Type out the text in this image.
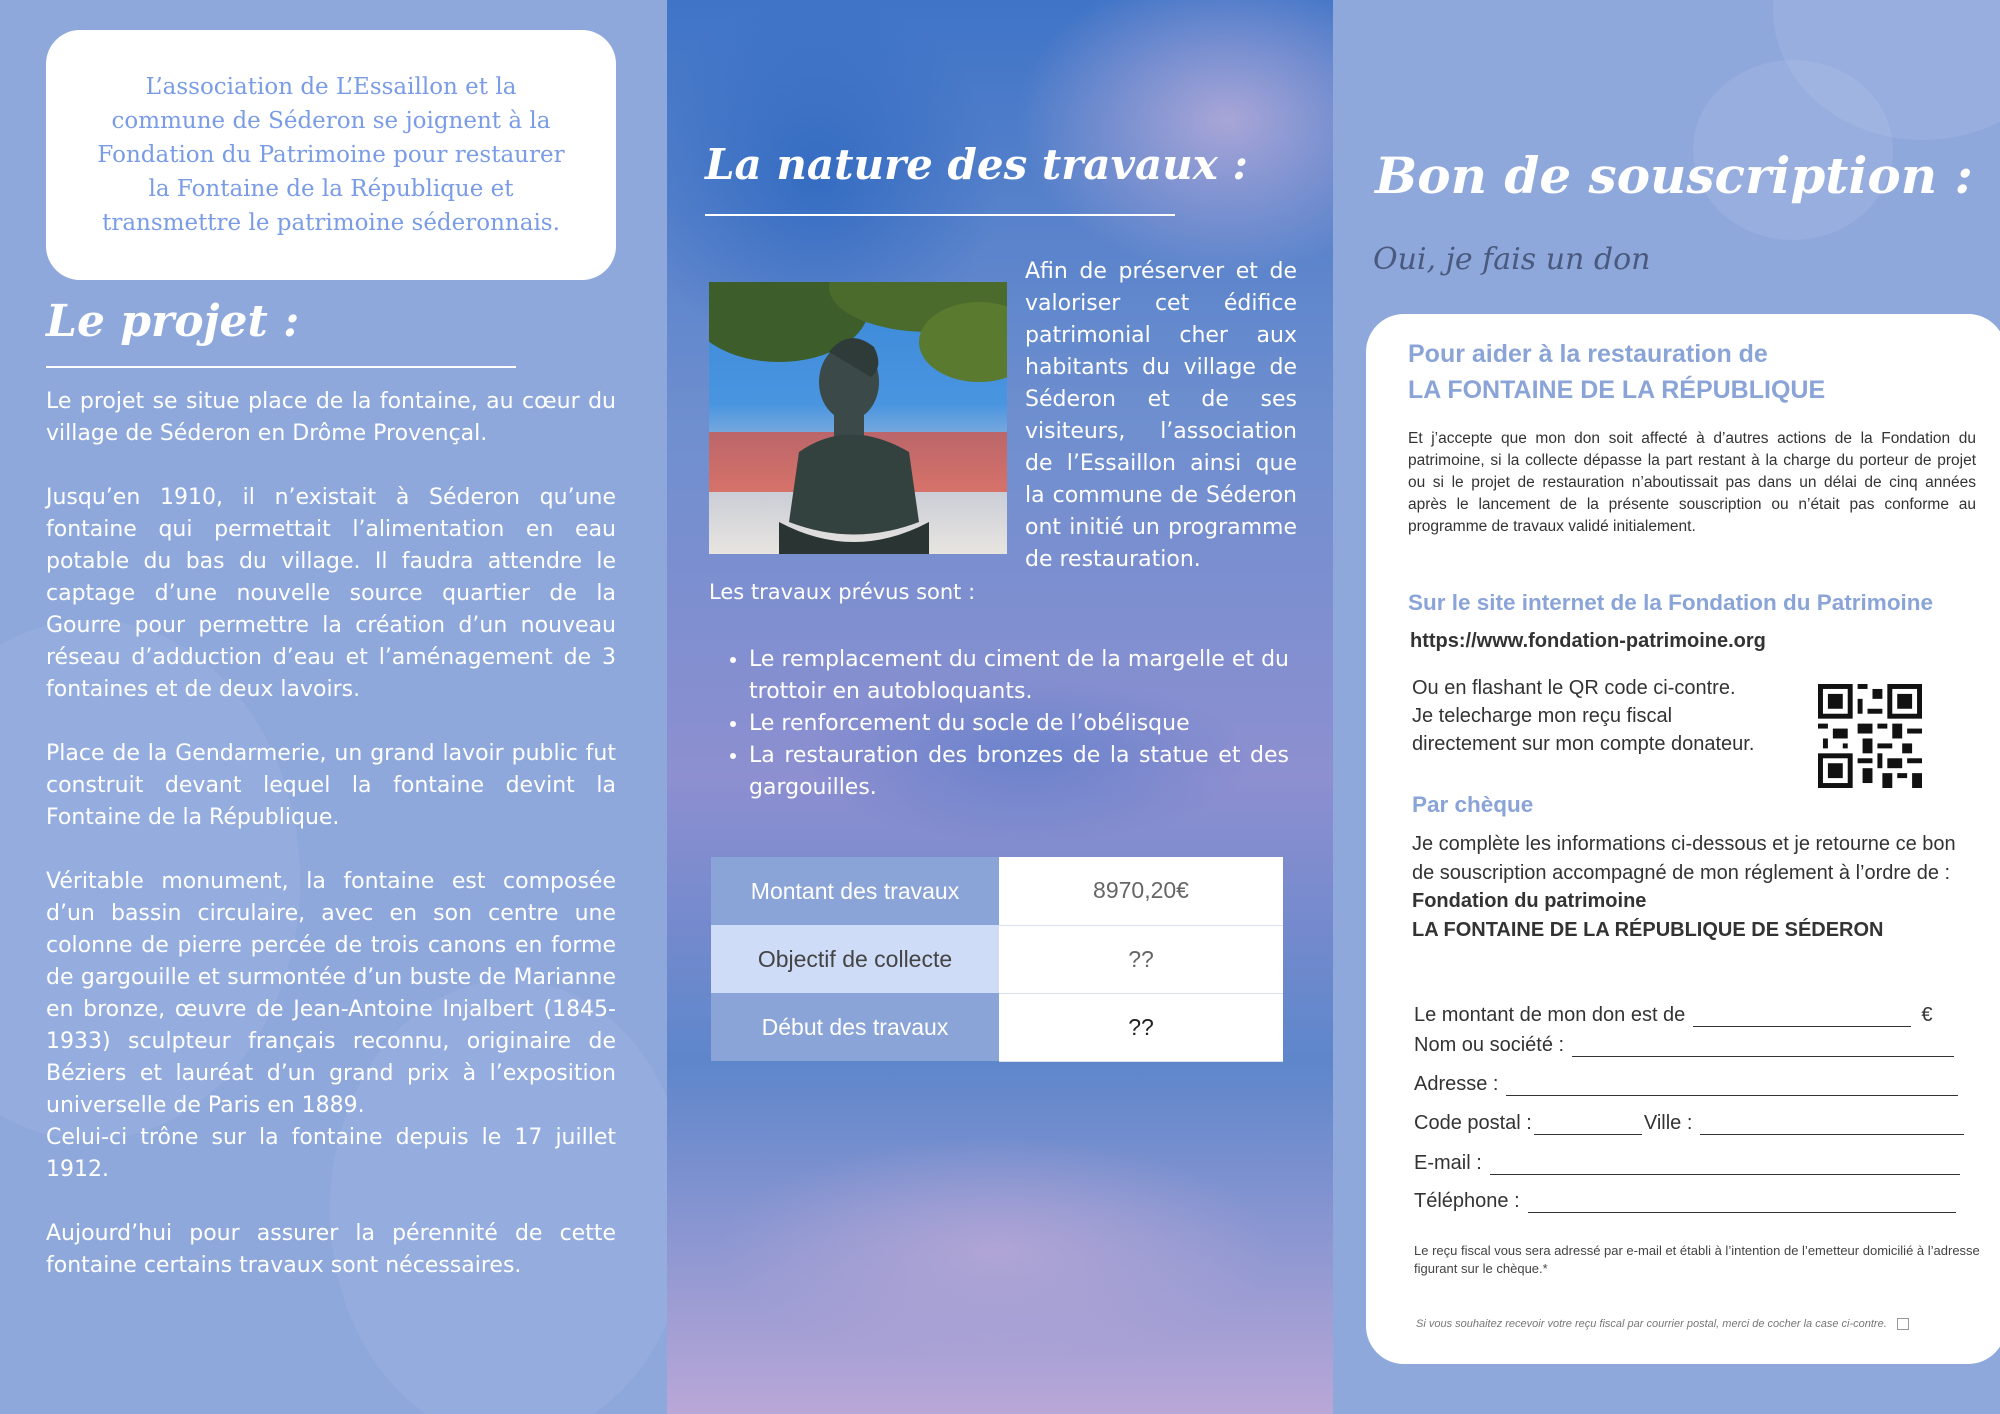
L’association de L’Essaillon et la commune de Séderon se joignent à la Fondation du Patrimoine pour restaurer la Fontaine de la République et transmettre le patrimoine séderonnais.

Le projet :

Le projet se situe place de la fontaine, au cœur du village de Séderon en Drôme Provençal.

Jusqu’en 1910, il n’existait à Séderon qu’une fontaine qui permettait l’alimentation en eau potable du bas du village. Il faudra attendre le captage d’une nouvelle source quartier de la Gourre pour permettre la création d’un nouveau réseau d’adduction d’eau et l’aménagement de 3 fontaines et de deux lavoirs.

Place de la Gendarmerie, un grand lavoir public fut construit devant lequel la fontaine devint la Fontaine de la République.

Véritable monument, la fontaine est composée d’un bassin circulaire, avec en son centre une colonne de pierre percée de trois canons en forme de gargouille et surmontée d’un buste de Marianne en bronze, œuvre de Jean-Antoine Injalbert (1845-1933) sculpteur français reconnu, originaire de Béziers et lauréat d’un grand prix à l’exposition universelle de Paris en 1889.

Celui-ci trône sur la fontaine depuis le 17 juillet 1912.

Aujourd’hui pour assurer la pérennité de cette fontaine certains travaux sont nécessaires.

La nature des travaux :

Afin de préserver et de valoriser cet édifice patrimonial cher aux habitants du village de Séderon et de ses visiteurs, l’association de l’Essaillon ainsi que la commune de Séderon ont initié un programme de restauration.

Les travaux prévus sont :

• Le remplacement du ciment de la margelle et du trottoir en autobloquants.
• Le renforcement du socle de l’obélisque
• La restauration des bronzes de la statue et des gargouilles.
Montant des travaux	8970,20€
Objectif de collecte	??
Début des travaux	??
Bon de souscription :

Oui, je fais un don

Pour aider à la restauration de
LA FONTAINE DE LA RÉPUBLIQUE

Et j’accepte que mon don soit affecté à d’autres actions de la Fondation du patrimoine, si la collecte dépasse la part restant à la charge du porteur de projet ou si le projet de restauration n’aboutissait pas dans un délai de cinq années après le lancement de la présente souscription ou n’était pas conforme au programme de travaux validé initialement.

Sur le site internet de la Fondation du Patrimoine

https://www.fondation-patrimoine.org

Ou en flashant le QR code ci-contre.
Je telecharge mon reçu fiscal directement sur mon compte donateur.

Par chèque

Je complète les informations ci-dessous et je retourne ce bon de souscription accompagné de mon réglement à l’ordre de :
Fondation du patrimoine
LA FONTAINE DE LA RÉPUBLIQUE DE SÉDERON
Le montant de mon don est de	€
Nom ou société :
Adresse :
Code postal :	Ville :
E-mail :
Téléphone :

Le reçu fiscal vous sera adressé par e-mail et établi à l’intention de l’emetteur domicilié à l’adresse figurant sur le chèque.*

Si vous souhaitez recevoir votre reçu fiscal par courrier postal, merci de cocher la case ci-contre.
